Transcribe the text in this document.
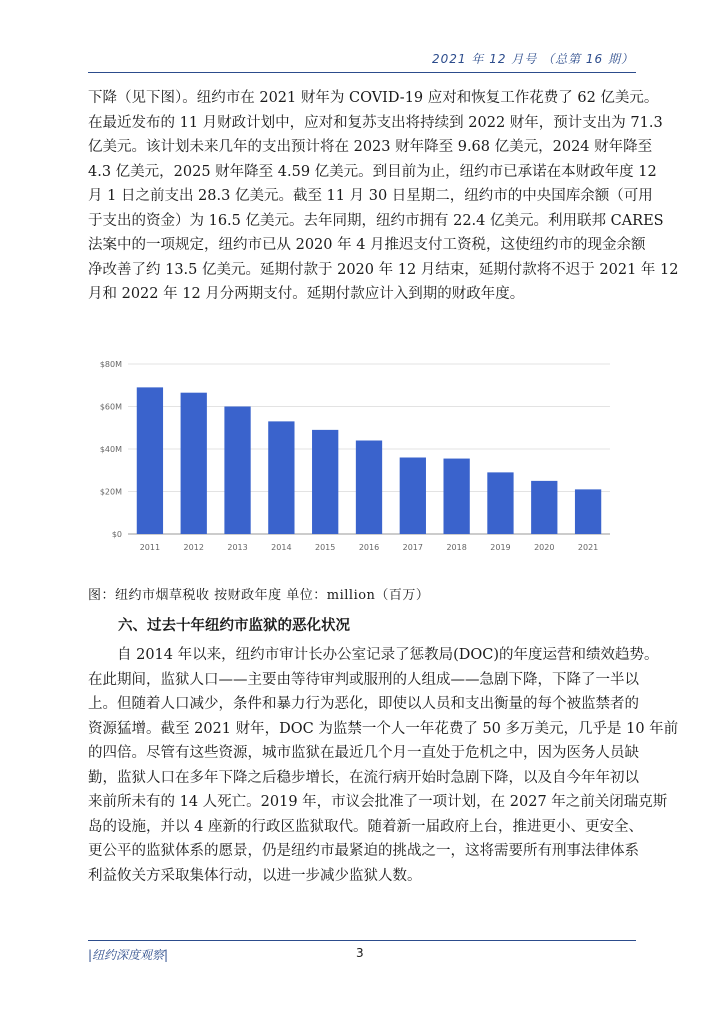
2021 年 12 月号 （总第 16 期）
下降（见下图）。纽约市在 2021 财年为 COVID-19 应对和恢复工作花费了 62 亿美元。
在最近发布的 11 月财政计划中，应对和复苏支出将持续到 2022 财年，预计支出为 71.3
亿美元。该计划未来几年的支出预计将在 2023 财年降至 9.68 亿美元，2024 财年降至
4.3 亿美元，2025 财年降至 4.59 亿美元。到目前为止，纽约市已承诺在本财政年度 12
月 1 日之前支出 28.3 亿美元。截至 11 月 30 日星期二，纽约市的中央国库余额（可用
于支出的资金）为 16.5 亿美元。去年同期，纽约市拥有 22.4 亿美元。利用联邦 CARES
法案中的一项规定，纽约市已从 2020 年 4 月推迟支付工资税，这使纽约市的现金余额
净改善了约 13.5 亿美元。延期付款于 2020 年 12 月结束，延期付款将不迟于 2021 年 12
月和 2022 年 12 月分两期支付。延期付款应计入到期的财政年度。
$0
$20M
$40M
$60M
$80M
2011	2012	2013	2014	2015	2016	2017	2018	2019	2020	2021
图：纽约市烟草税收 按财政年度 单位：million（百万）
六、过去十年纽约市监狱的恶化状况
　　自 2014 年以来，纽约市审计长办公室记录了惩教局(DOC)的年度运营和绩效趋势。
在此期间，监狱人口——主要由等待审判或服刑的人组成——急剧下降，下降了一半以
上。但随着人口减少，条件和暴力行为恶化，即使以人员和支出衡量的每个被监禁者的
资源猛增。截至 2021 财年，DOC 为监禁一个人一年花费了 50 多万美元，几乎是 10 年前
的四倍。尽管有这些资源，城市监狱在最近几个月一直处于危机之中，因为医务人员缺
勤，监狱人口在多年下降之后稳步增长，在流行病开始时急剧下降，以及自今年年初以
来前所未有的 14 人死亡。2019 年，市议会批准了一项计划，在 2027 年之前关闭瑞克斯
岛的设施，并以 4 座新的行政区监狱取代。随着新一届政府上台，推进更小、更安全、
更公平的监狱体系的愿景，仍是纽约市最紧迫的挑战之一，这将需要所有刑事法律体系
利益攸关方采取集体行动，以进一步减少监狱人数。
|纽约深度观察|	3
